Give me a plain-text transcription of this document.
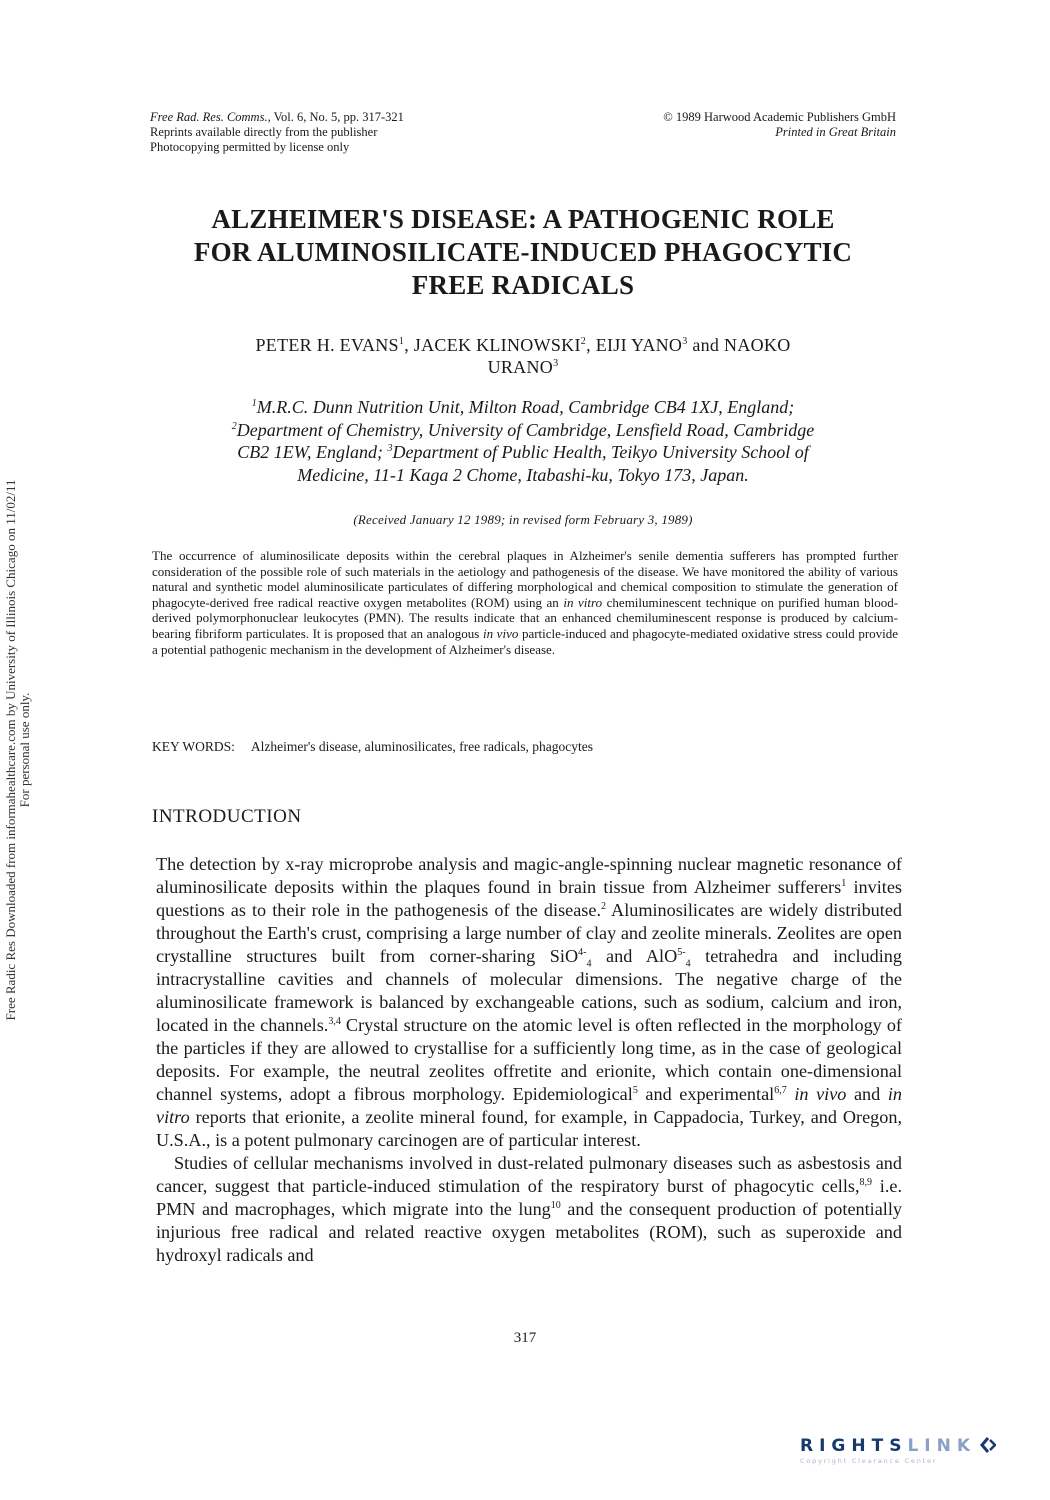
Free Rad. Res. Comms., Vol. 6, No. 5, pp. 317-321
Reprints available directly from the publisher
Photocopying permitted by license only
© 1989 Harwood Academic Publishers GmbH
Printed in Great Britain
ALZHEIMER'S DISEASE: A PATHOGENIC ROLE
FOR ALUMINOSILICATE-INDUCED PHAGOCYTIC
FREE RADICALS
PETER H. EVANS$^1$, JACEK KLINOWSKI$^2$, EIJI YANO$^3$ and NAOKO
URANO$^3$
$^1$M.R.C. Dunn Nutrition Unit, Milton Road, Cambridge CB4 1XJ, England;
$^2$Department of Chemistry, University of Cambridge, Lensfield Road, Cambridge
CB2 1EW, England; $^3$Department of Public Health, Teikyo University School of
Medicine, 11-1 Kaga 2 Chome, Itabashi-ku, Tokyo 173, Japan.
(Received January 12 1989; in revised form February 3, 1989)

The occurrence of aluminosilicate deposits within the cerebral plaques in Alzheimer's senile dementia sufferers has prompted further consideration of the possible role of such materials in the aetiology and pathogenesis of the disease. We have monitored the ability of various natural and synthetic model aluminosilicate particulates of differing morphological and chemical composition to stimulate the generation of phagocyte-derived free radical reactive oxygen metabolites (ROM) using an in vitro chemiluminescent technique on purified human blood-derived polymorphonuclear leukocytes (PMN). The results indicate that an enhanced chemiluminescent response is produced by calcium-bearing fibriform particulates. It is proposed that an analogous in vivo particle-induced and phagocyte-mediated oxidative stress could provide a potential pathogenic mechanism in the development of Alzheimer's disease.

KEY WORDS: Alzheimer's disease, aluminosilicates, free radicals, phagocytes
INTRODUCTION

The detection by x-ray microprobe analysis and magic-angle-spinning nuclear magnetic resonance of aluminosilicate deposits within the plaques found in brain tissue from Alzheimer sufferers$^1$ invites questions as to their role in the pathogenesis of the disease.$^2$ Aluminosilicates are widely distributed throughout the Earth's crust, comprising a large number of clay and zeolite minerals. Zeolites are open crystalline structures built from corner-sharing SiO$^{4-}_4$ and AlO$^{5-}_4$ tetrahedra and including intracrystalline cavities and channels of molecular dimensions. The negative charge of the aluminosilicate framework is balanced by exchangeable cations, such as sodium, calcium and iron, located in the channels.$^{3,4}$ Crystal structure on the atomic level is often reflected in the morphology of the particles if they are allowed to crystallise for a sufficiently long time, as in the case of geological deposits. For example, the neutral zeolites offretite and erionite, which contain one-dimensional channel systems, adopt a fibrous morphology. Epidemiological$^5$ and experimental$^{6,7}$ in vivo and in vitro reports that erionite, a zeolite mineral found, for example, in Cappadocia, Turkey, and Oregon, U.S.A., is a potent pulmonary carcinogen are of particular interest.

Studies of cellular mechanisms involved in dust-related pulmonary diseases such as asbestosis and cancer, suggest that particle-induced stimulation of the respiratory burst of phagocytic cells,$^{8,9}$ i.e. PMN and macrophages, which migrate into the lung$^{10}$ and the consequent production of potentially injurious free radical and related reactive oxygen metabolites (ROM), such as superoxide and hydroxyl radicals and

317
Free Radic Res Downloaded from informahealthcare.com by University of Illinois Chicago on 11/02/11 For personal use only.
RIGHTSLINK
Copyright Clearance Center
